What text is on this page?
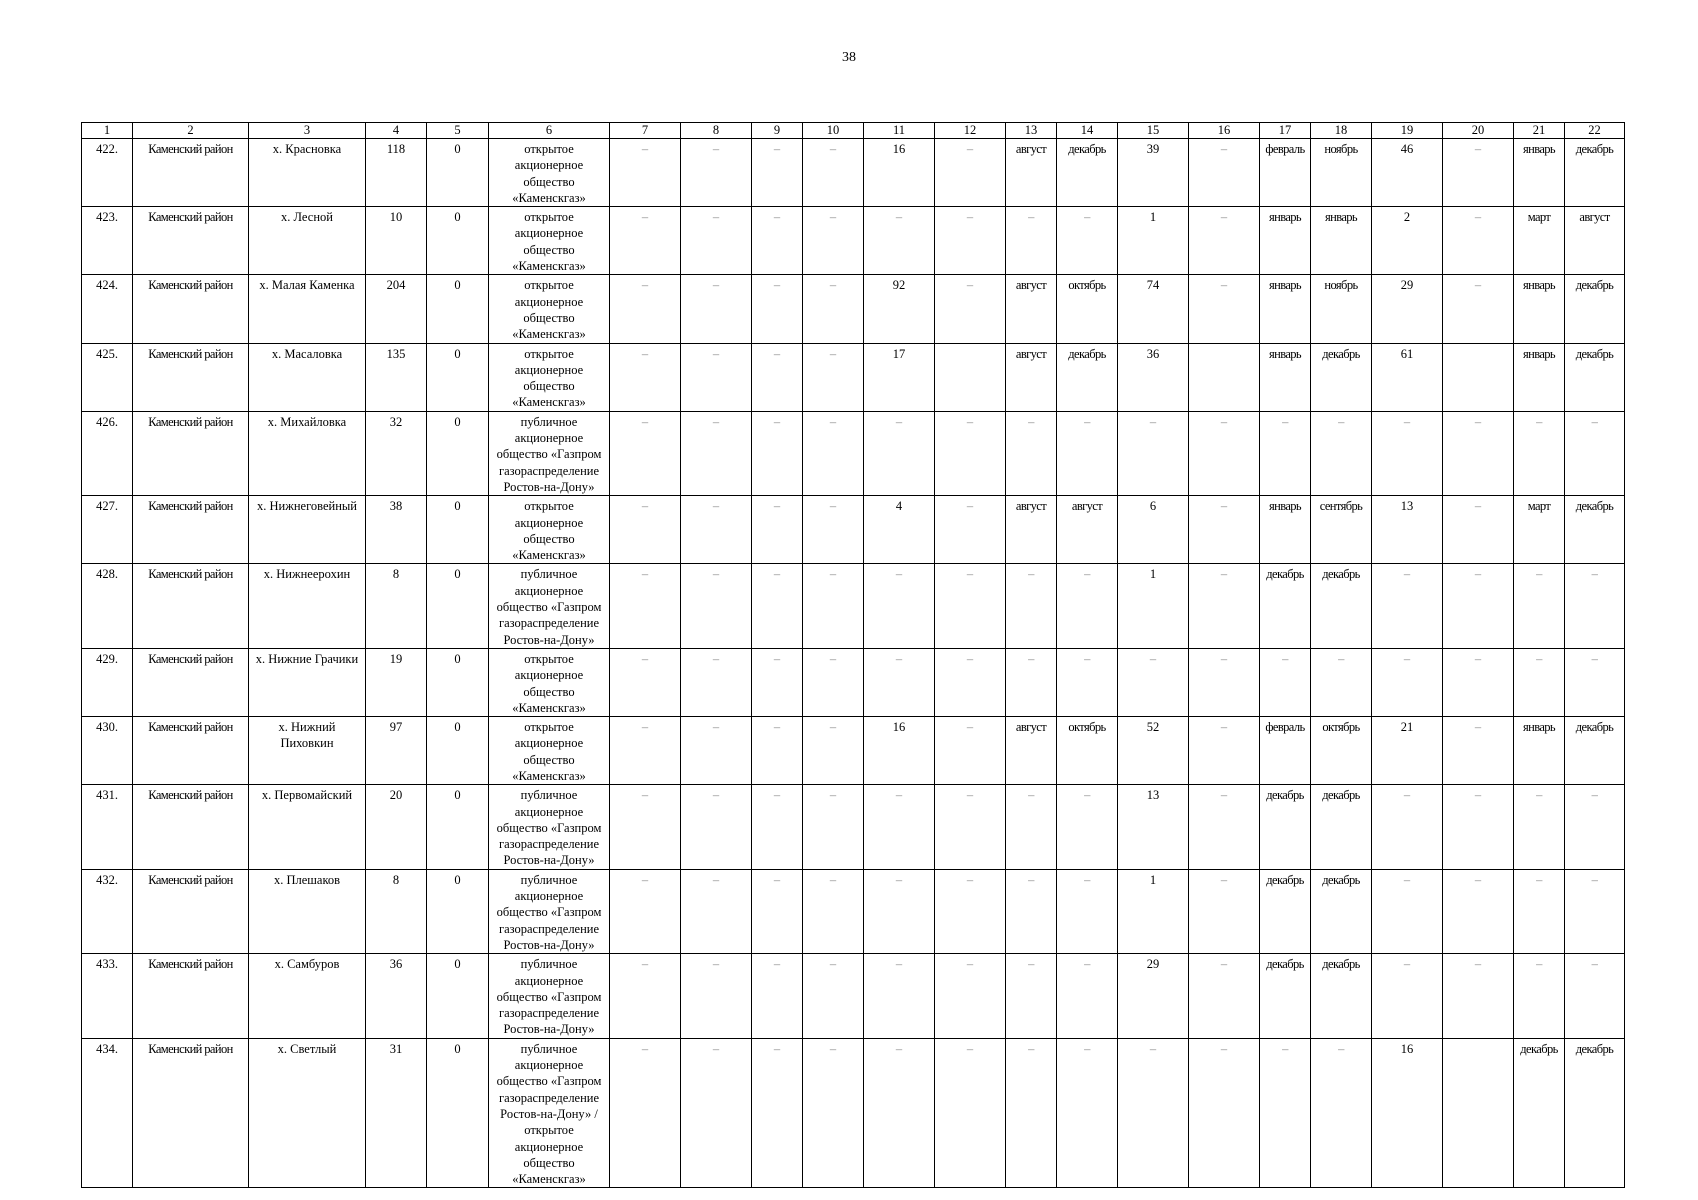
38
1	2	3	4	5	6	7	8	9	10	11	12	13	14	15	16	17	18	19	20	21	22
422.	Каменский район	х. Красновка	118	0	открытое акционерное общество «Каменскгаз»	–	–	–	–	16	–	август	декабрь	39	–	февраль	ноябрь	46	–	январь	декабрь
423.	Каменский район	х. Лесной	10	0	открытое акционерное общество «Каменскгаз»	–	–	–	–	–	–	–	–	1	–	январь	январь	2	–	март	август
424.	Каменский район	х. Малая Каменка	204	0	открытое акционерное общество «Каменскгаз»	–	–	–	–	92	–	август	октябрь	74	–	январь	ноябрь	29	–	январь	декабрь
425.	Каменский район	х. Масаловка	135	0	открытое акционерное общество «Каменскгаз»	–	–	–	–	17		август	декабрь	36		январь	декабрь	61		январь	декабрь
426.	Каменский район	х. Михайловка	32	0	публичное акционерное общество «Газпром газораспределение Ростов-на-Дону»	–	–	–	–	–	–	–	–	–	–	–	–	–	–	–	–
427.	Каменский район	х. Нижнеговейный	38	0	открытое акционерное общество «Каменскгаз»	–	–	–	–	4	–	август	август	6	–	январь	сентябрь	13	–	март	декабрь
428.	Каменский район	х. Нижнеерохин	8	0	публичное акционерное общество «Газпром газораспределение Ростов-на-Дону»	–	–	–	–	–	–	–	–	1	–	декабрь	декабрь	–	–	–	–
429.	Каменский район	х. Нижние Грачики	19	0	открытое акционерное общество «Каменскгаз»	–	–	–	–	–	–	–	–	–	–	–	–	–	–	–	–
430.	Каменский район	х. Нижний Пиховкин	97	0	открытое акционерное общество «Каменскгаз»	–	–	–	–	16	–	август	октябрь	52	–	февраль	октябрь	21	–	январь	декабрь
431.	Каменский район	х. Первомайский	20	0	публичное акционерное общество «Газпром газораспределение Ростов-на-Дону»	–	–	–	–	–	–	–	–	13	–	декабрь	декабрь	–	–	–	–
432.	Каменский район	х. Плешаков	8	0	публичное акционерное общество «Газпром газораспределение Ростов-на-Дону»	–	–	–	–	–	–	–	–	1	–	декабрь	декабрь	–	–	–	–
433.	Каменский район	х. Самбуров	36	0	публичное акционерное общество «Газпром газораспределение Ростов-на-Дону»	–	–	–	–	–	–	–	–	29	–	декабрь	декабрь	–	–	–	–
434.	Каменский район	х. Светлый	31	0	публичное акционерное общество «Газпром газораспределение Ростов-на-Дону» / открытое акционерное общество «Каменскгаз»	–	–	–	–	–	–	–	–	–	–	–	–	16		декабрь	декабрь
